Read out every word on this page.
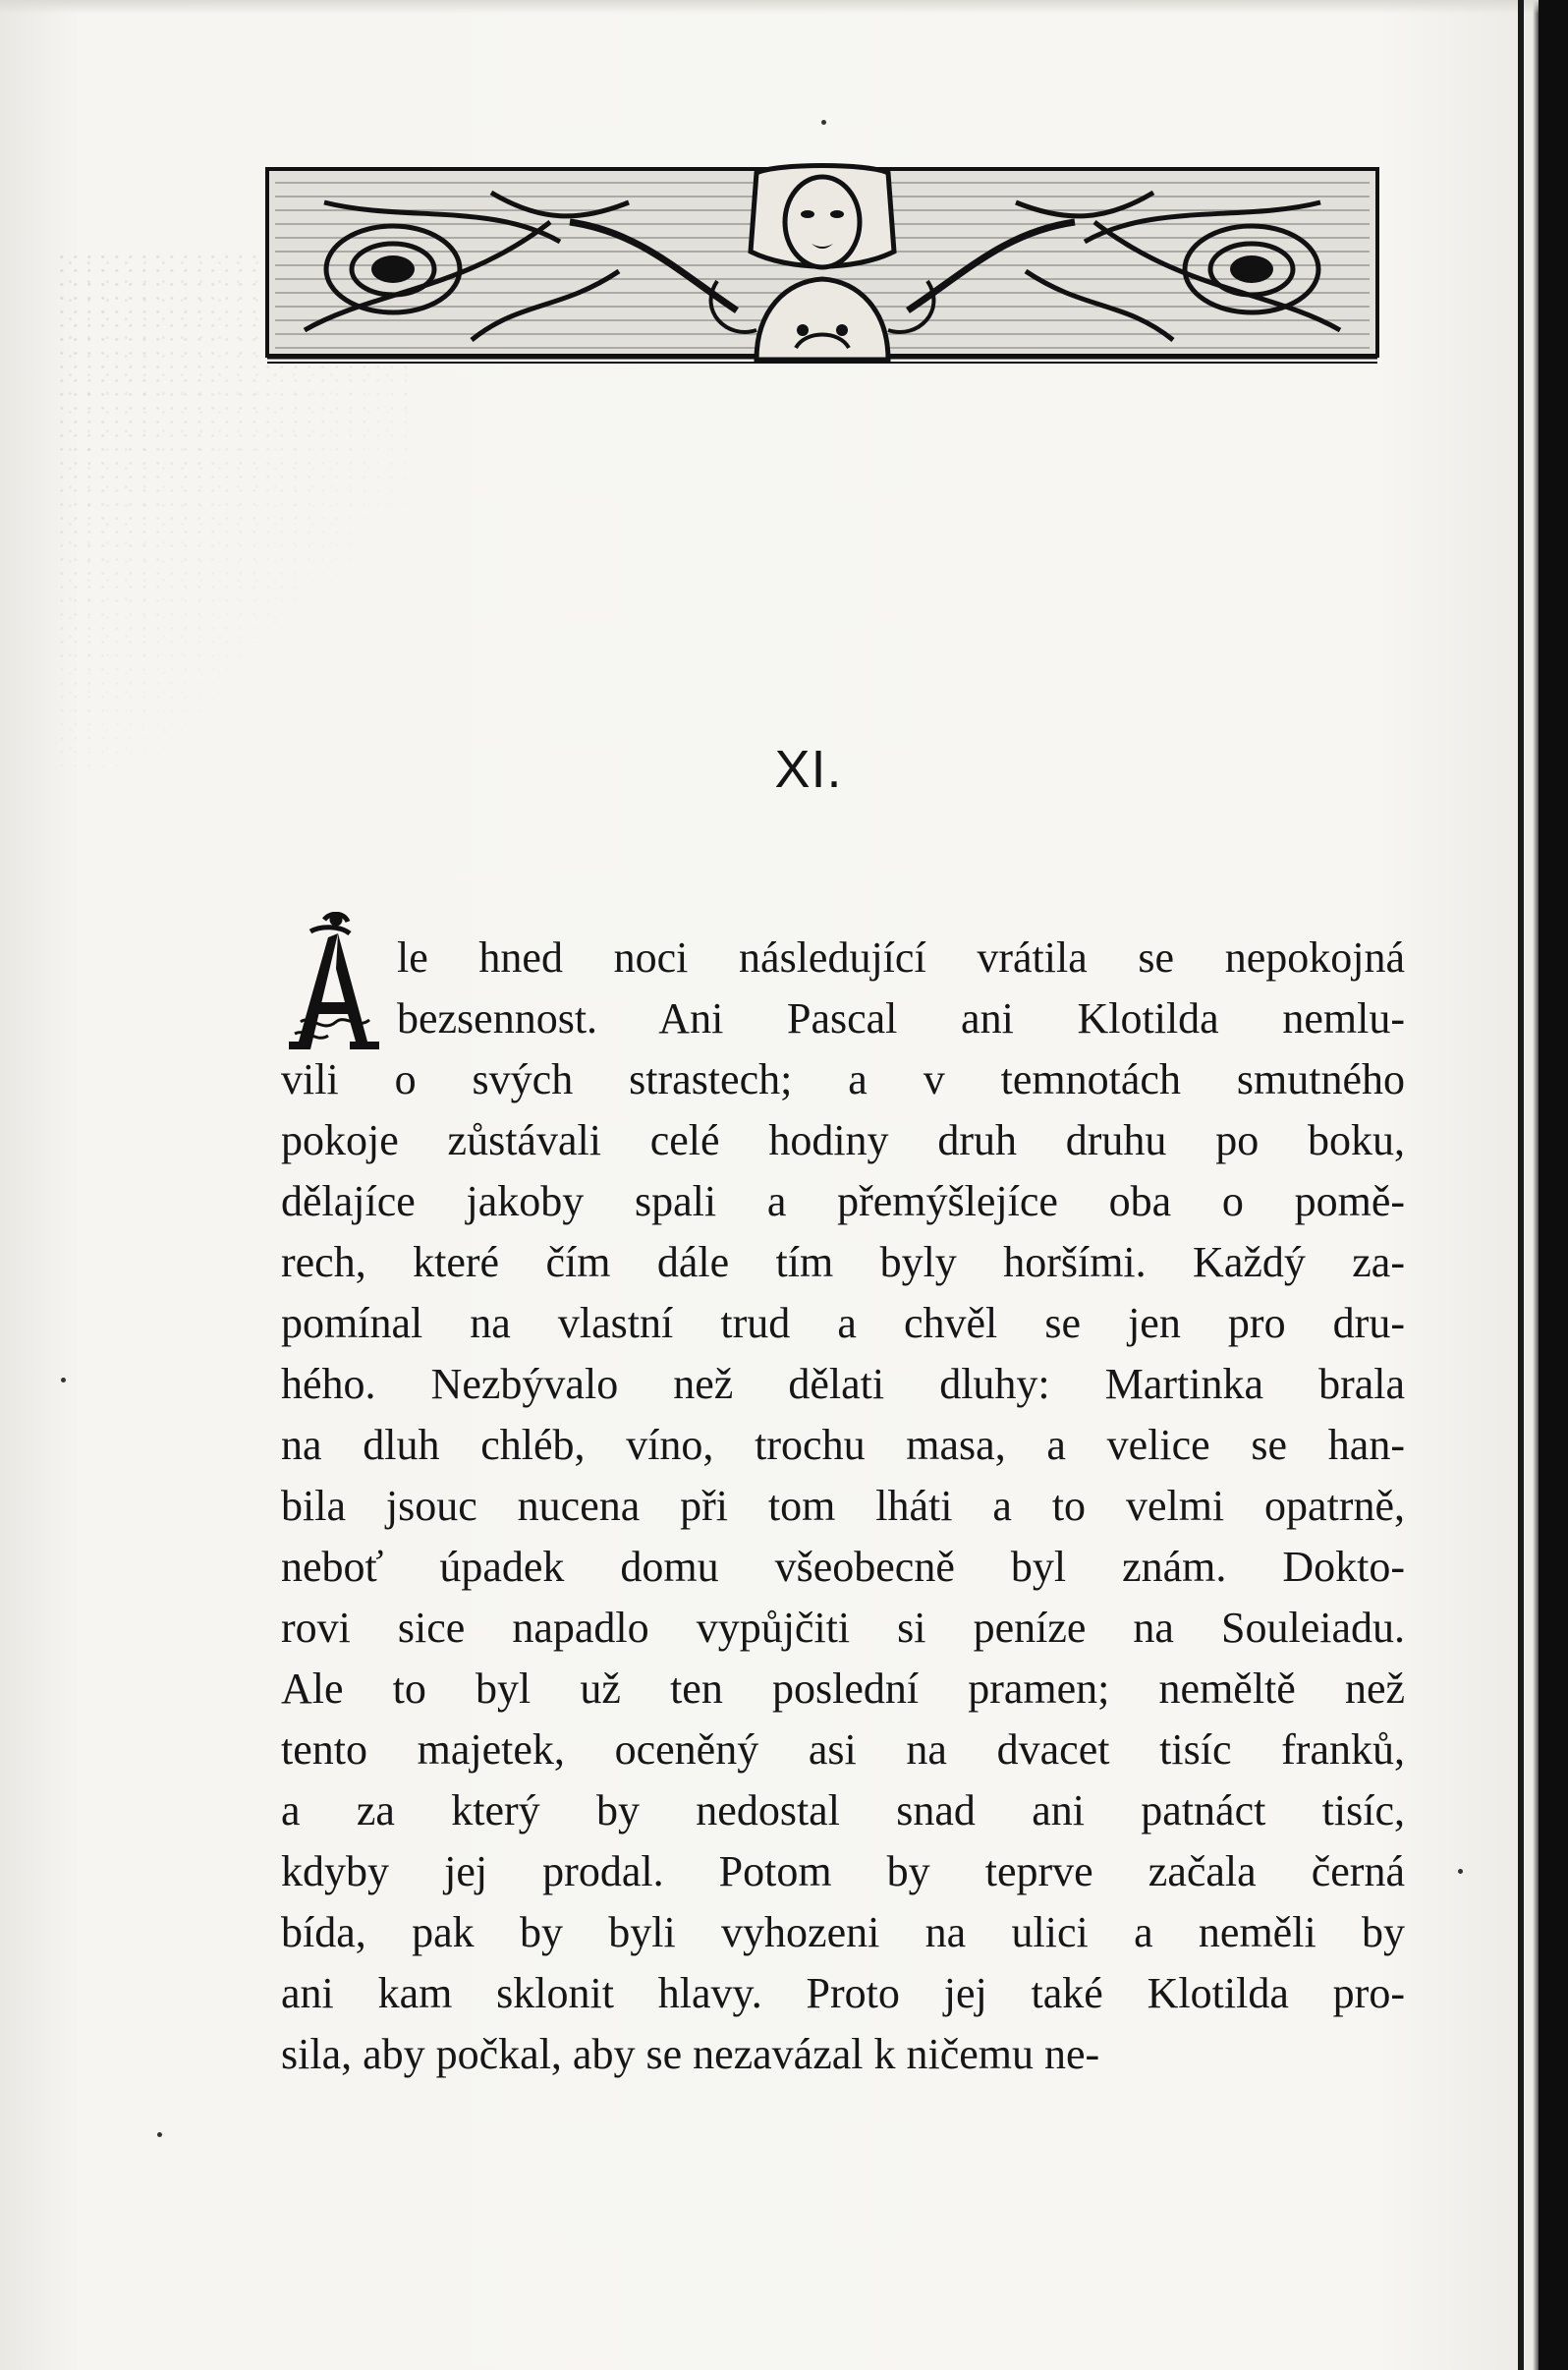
XI.
le hned noci následující vrátila se nepokojná
bezsennost. Ani Pascal ani Klotilda nemlu-
vili o svých strastech; a v temnotách smutného
pokoje zůstávali celé hodiny druh druhu po boku,
dělajíce jakoby spali a přemýšlejíce oba o pomě-
rech, které čím dále tím byly horšími. Každý za-
pomínal na vlastní trud a chvěl se jen pro dru-
hého. Nezbývalo než dělati dluhy: Martinka brala
na dluh chléb, víno, trochu masa, a velice se han-
bila jsouc nucena při tom lháti a to velmi opatrně,
neboť úpadek domu všeobecně byl znám. Dokto-
rovi sice napadlo vypůjčiti si peníze na Souleiadu.
Ale to byl už ten poslední pramen; neměltě než
tento majetek, oceněný asi na dvacet tisíc franků,
a za který by nedostal snad ani patnáct tisíc,
kdyby jej prodal. Potom by teprve začala černá
bída, pak by byli vyhozeni na ulici a neměli by
ani kam sklonit hlavy. Proto jej také Klotilda pro-
sila, aby počkal, aby se nezavázal k ničemu ne-
